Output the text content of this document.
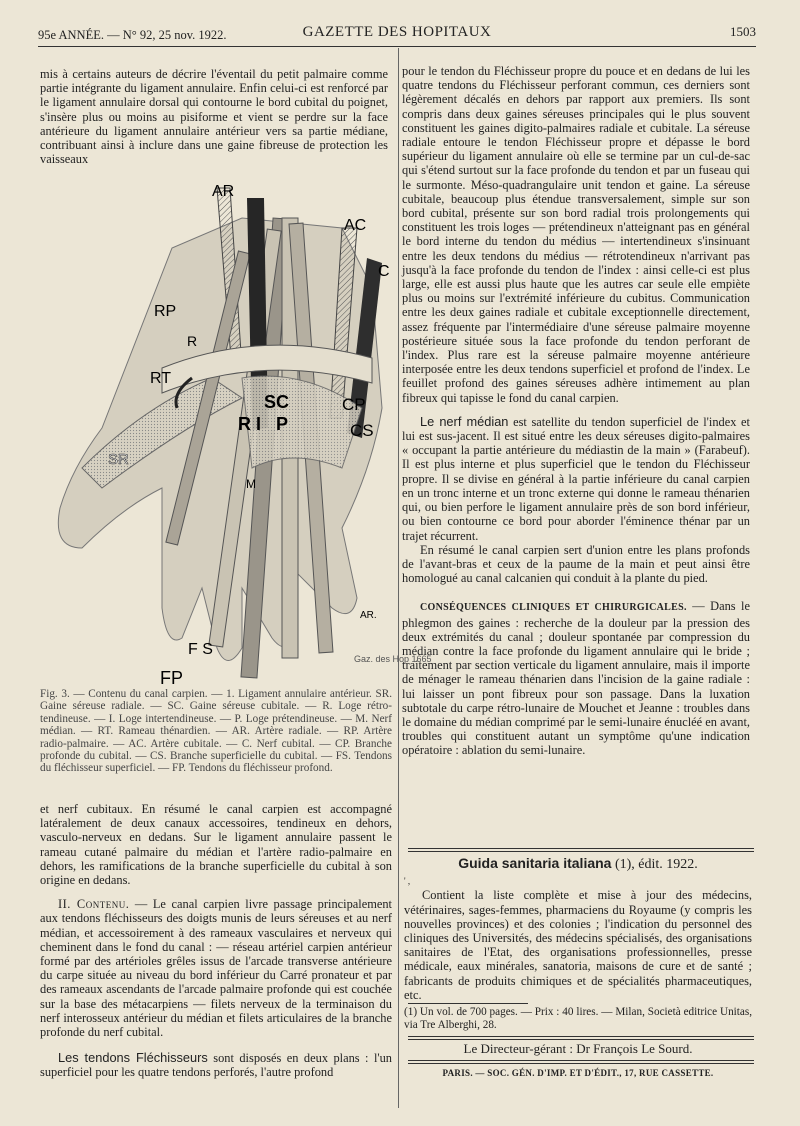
95e ANNÉE. — N° 92, 25 nov. 1922.	GAZETTE DES HOPITAUX	1503

mis à certains auteurs de décrire l'éventail du petit palmaire comme partie intégrante du ligament annulaire. Enfin celui-ci est renforcé par le ligament annulaire dorsal qui contourne le bord cubital du poignet, s'insère plus ou moins au pisiforme et vient se perdre sur la face antérieure du ligament annulaire antérieur vers sa partie médiane, contribuant ainsi à inclure dans une gaine fibreuse de protection les vaisseaux

AR
AC
C
RP
R
RT
SC	CP
CS
SR
R I P
M
FP
F S
AR.
Gaz. des Hop 1665

Fig. 3. — Contenu du canal carpien. — 1. Ligament annulaire antérieur. SR. Gaine séreuse radiale. — SC. Gaine séreuse cubitale. — R. Loge rétro-tendineuse. — I. Loge intertendineuse. — P. Loge prétendineuse. — M. Nerf médian. — RT. Rameau thénardien. — AR. Artère radiale. — RP. Artère radio-palmaire. — AC. Artère cubitale. — C. Nerf cubital. — CP. Branche profonde du cubital. — CS. Branche superficielle du cubital. — FS. Tendons du fléchisseur superficiel. — FP. Tendons du fléchisseur profond.

et nerf cubitaux. En résumé le canal carpien est accompagné latéralement de deux canaux accessoires, tendineux en dehors, vasculo-nerveux en dedans. Sur le ligament annulaire passent le rameau cutané palmaire du médian et l'artère radio-palmaire en dehors, les ramifications de la branche superficielle du cubital à son origine en dedans.

II. Contenu. — Le canal carpien livre passage principalement aux tendons fléchisseurs des doigts munis de leurs séreuses et au nerf médian, et accessoirement à des rameaux vasculaires et nerveux qui cheminent dans le fond du canal : — réseau artériel carpien antérieur formé par des artérioles grêles issus de l'arcade transverse antérieure du carpe située au niveau du bord inférieur du Carré pronateur et par des rameaux ascendants de l'arcade palmaire profonde qui est couchée sur la base des métacarpiens — filets nerveux de la terminaison du nerf interosseux antérieur du médian et filets articulaires de la branche profonde du nerf cubital.

Les tendons Fléchisseurs sont disposés en deux plans : l'un superficiel pour les quatre tendons perforés, l'autre profond

pour le tendon du Fléchisseur propre du pouce et en dedans de lui les quatre tendons du Fléchisseur perforant commun, ces derniers sont légèrement décalés en dehors par rapport aux premiers. Ils sont compris dans deux gaines séreuses principales qui le plus souvent constituent les gaines digito-palmaires radiale et cubitale. La séreuse radiale entoure le tendon Fléchisseur propre et dépasse le bord supérieur du ligament annulaire où elle se termine par un cul-de-sac qui s'étend surtout sur la face profonde du tendon et par un fuseau qui le surmonte. Méso-quadrangulaire unit tendon et gaine. La séreuse cubitale, beaucoup plus étendue transversalement, simple sur son bord cubital, présente sur son bord radial trois prolongements qui constituent les trois loges — prétendineux n'atteignant pas en général le bord interne du tendon du médius — intertendineux s'insinuant entre les deux tendons du médius — rétrotendineux n'arrivant pas jusqu'à la face profonde du tendon de l'index : ainsi celle-ci est plus large, elle est aussi plus haute que les autres car seule elle empiète plus ou moins sur l'extrémité inférieure du cubitus. Communication entre les deux gaines radiale et cubitale exceptionnelle directement, assez fréquente par l'intermédiaire d'une séreuse palmaire moyenne postérieure située sous la face profonde du tendon perforant de l'index. Plus rare est la séreuse palmaire moyenne antérieure interposée entre les deux tendons superficiel et profond de l'index. Le feuillet profond des gaines séreuses adhère intimement au plan fibreux qui tapisse le fond du canal carpien.

Le nerf médian est satellite du tendon superficiel de l'index et lui est sus-jacent. Il est situé entre les deux séreuses digito-palmaires « occupant la partie antérieure du médiastin de la main » (Farabeuf). Il est plus interne et plus superficiel que le tendon du Fléchisseur propre. Il se divise en général à la partie inférieure du canal carpien en un tronc interne et un tronc externe qui donne le rameau thénarien qui, ou bien perfore le ligament annulaire près de son bord inférieur, ou bien contourne ce bord pour aborder l'éminence thénar par un trajet récurrent.

En résumé le canal carpien sert d'union entre les plans profonds de l'avant-bras et ceux de la paume de la main et peut ainsi être homologué au canal calcanien qui conduit à la plante du pied.

CONSÉQUENCES CLINIQUES ET CHIRURGICALES. — Dans le phlegmon des gaines : recherche de la douleur par la pression des deux extrémités du canal ; douleur spontanée par compression du médian contre la face profonde du ligament annulaire qui le bride ; traitement par section verticale du ligament annulaire, mais il importe de ménager le rameau thénarien dans l'incision de la gaine radiale : lui laisser un pont fibreux pour son passage. Dans la luxation subtotale du carpe rétro-lunaire de Mouchet et Jeanne : troubles dans le domaine du médian comprimé par le semi-lunaire énucléé en avant, troubles qui constituent autant un symptôme qu'une indication opératoire : ablation du semi-lunaire.

Guida sanitaria italiana (1), édit. 1922.

' ,

Contient la liste complète et mise à jour des médecins, vétérinaires, sages-femmes, pharmaciens du Royaume (y compris les nouvelles provinces) et des colonies ; l'indication du personnel des cliniques des Universités, des médecins spécialisés, des organisations sanitaires de l'Etat, des organisations professionnelles, presse médicale, eaux minérales, sanatoria, maisons de cure et de santé ; fabricants de produits chimiques et de spécialités pharmaceutiques, etc.

(1) Un vol. de 700 pages. — Prix : 40 lires. — Milan, Società editrice Unitas, via Tre Alberghi, 28.

Le Directeur-gérant : Dr François Le Sourd.

PARIS. — SOC. GÉN. D'IMP. ET D'ÉDIT., 17, RUE CASSETTE.
